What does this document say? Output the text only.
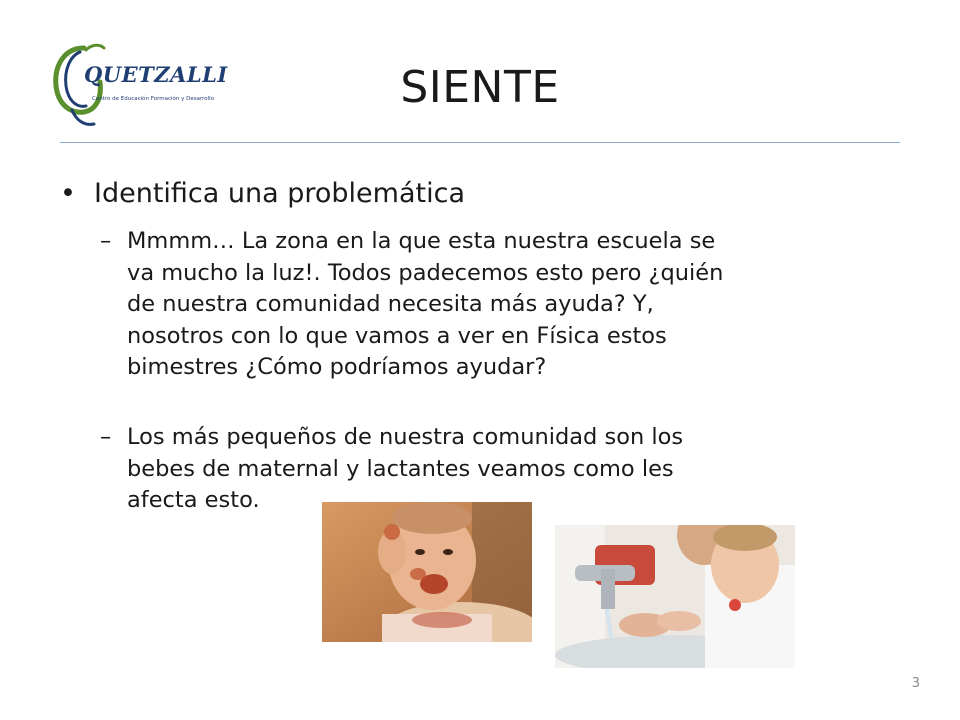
QUETZALLI
Centro de Educación Formación y Desarrollo	SIENTE
• Identifica una problemática
– Mmmm… La zona en la que esta nuestra escuela se
va mucho la luz!. Todos padecemos esto pero ¿quién
de nuestra comunidad necesita más ayuda? Y,
nosotros con lo que vamos a ver en Física estos
bimestres ¿Cómo podríamos ayudar?

– Los más pequeños de nuestra comunidad son los
bebes de maternal y lactantes veamos como les
afecta esto.

3
